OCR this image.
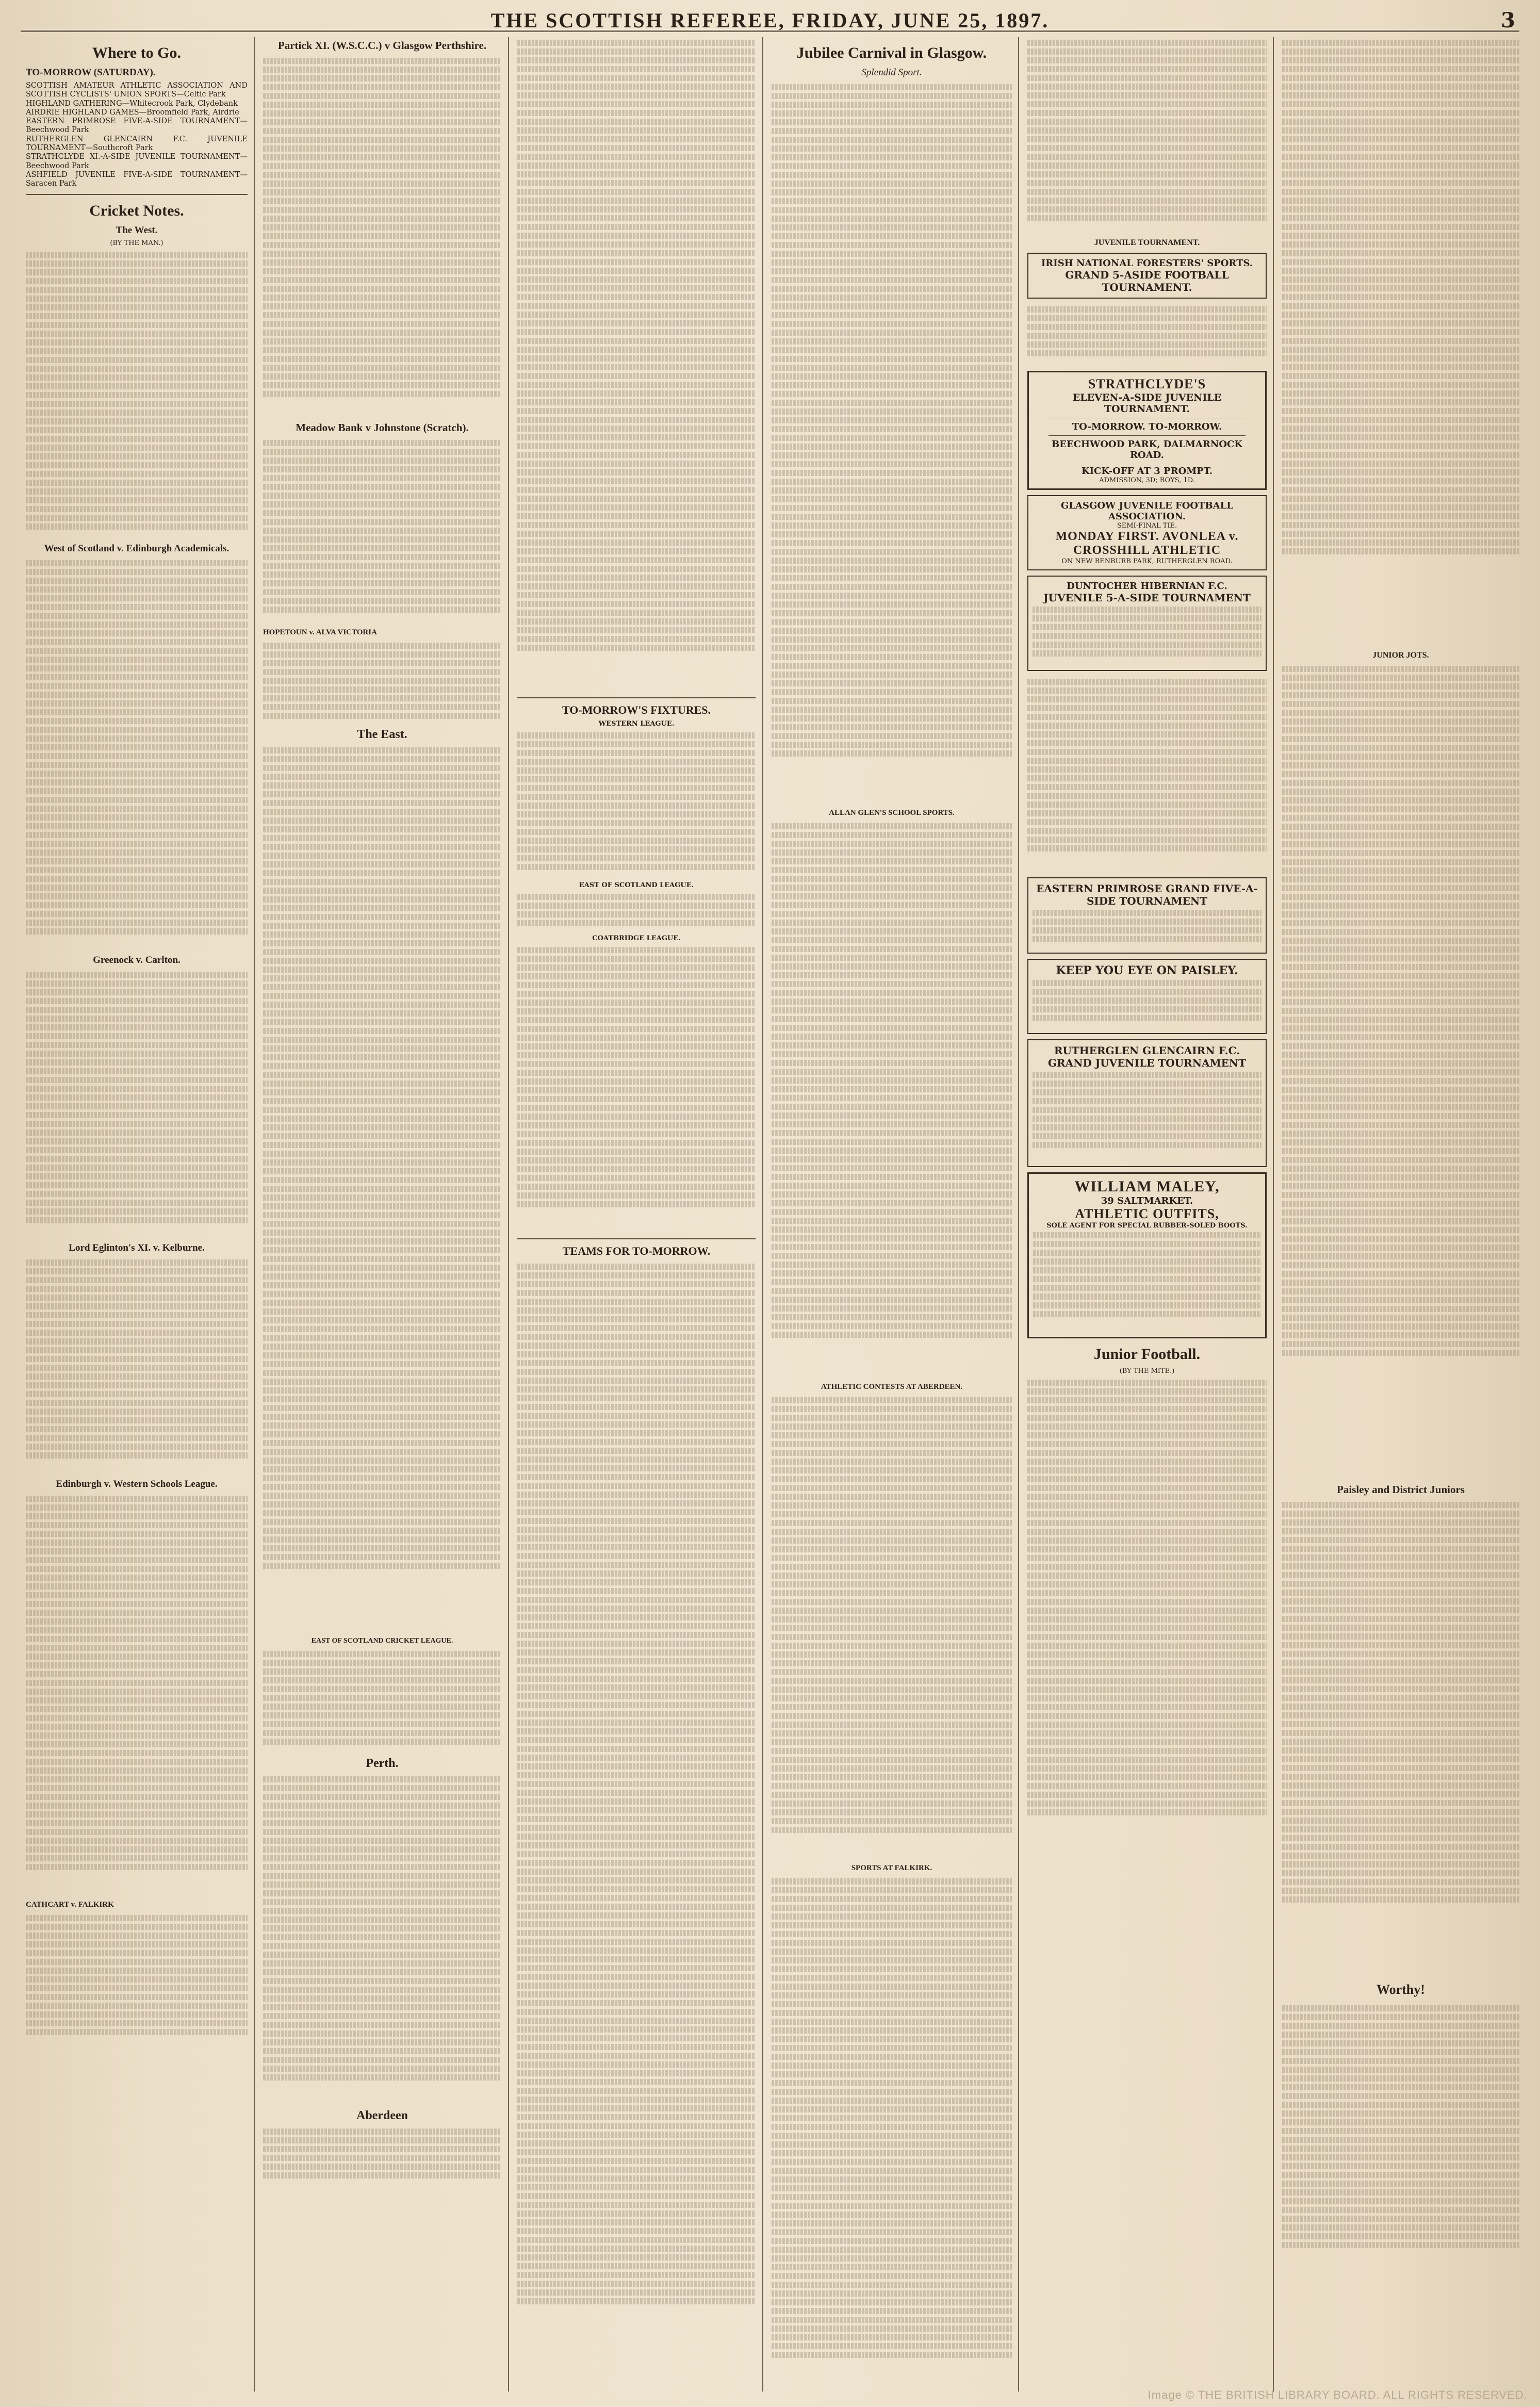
THE SCOTTISH REFEREE, FRIDAY, JUNE 25, 1897.	3
Where to Go.
TO-MORROW (SATURDAY).

SCOTTISH AMATEUR ATHLETIC ASSOCIATION AND SCOTTISH CYCLISTS' UNION SPORTS—Celtic Park

HIGHLAND GATHERING—Whitecrook Park, Clydebank

AIRDRIE HIGHLAND GAMES—Broomfield Park, Airdrie

EASTERN PRIMROSE FIVE-A-SIDE TOURNAMENT—Beechwood Park

RUTHERGLEN GLENCAIRN F.C. JUVENILE TOURNAMENT—Southcroft Park

STRATHCLYDE XI.-A-SIDE JUVENILE TOURNAMENT—Beechwood Park

ASHFIELD JUVENILE FIVE-A-SIDE TOURNAMENT—Saracen Park

Cricket Notes.
The West.
(BY THE MAN.)
West of Scotland v. Edinburgh Academicals.
Greenock v. Carlton.
Lord Eglinton's XI. v. Kelburne.
Edinburgh v. Western Schools League.
CATHCART v. FALKIRK
Partick XI. (W.S.C.C.) v Glasgow Perthshire.
Meadow Bank v Johnstone (Scratch).
HOPETOUN v. ALVA VICTORIA
The East.
EAST OF SCOTLAND CRICKET LEAGUE.
Perth.
Aberdeen
TO-MORROW'S FIXTURES.
WESTERN LEAGUE.
EAST OF SCOTLAND LEAGUE.
COATBRIDGE LEAGUE.
TEAMS FOR TO-MORROW.
Jubilee Carnival in Glasgow.
Splendid Sport.
ALLAN GLEN'S SCHOOL SPORTS.
ATHLETIC CONTESTS AT ABERDEEN.
SPORTS AT FALKIRK.
JUVENILE TOURNAMENT.
IRISH NATIONAL FORESTERS' SPORTS.
GRAND 5-ASIDE FOOTBALL TOURNAMENT.
STRATHCLYDE'S
ELEVEN-A-SIDE JUVENILE TOURNAMENT.
TO-MORROW. TO-MORROW.
BEECHWOOD PARK, DALMARNOCK ROAD.
KICK-OFF AT 3 PROMPT.
ADMISSION, 3D; BOYS, 1D.
GLASGOW JUVENILE FOOTBALL ASSOCIATION.
SEMI-FINAL TIE.
MONDAY FIRST. AVONLEA v. CROSSHILL ATHLETIC
ON NEW BENBURB PARK, RUTHERGLEN ROAD.
DUNTOCHER HIBERNIAN F.C.
JUVENILE 5-A-SIDE TOURNAMENT
EASTERN PRIMROSE GRAND FIVE-A-SIDE TOURNAMENT
KEEP YOU EYE ON PAISLEY.
RUTHERGLEN GLENCAIRN F.C. GRAND JUVENILE TOURNAMENT
WILLIAM MALEY,
39 SALTMARKET.
ATHLETIC OUTFITS,
SOLE AGENT FOR SPECIAL RUBBER-SOLED BOOTS.
Junior Football.
(BY THE MITE.)
JUNIOR JOTS.
Paisley and District Juniors
Worthy!
Image © THE BRITISH LIBRARY BOARD. ALL RIGHTS RESERVED.
